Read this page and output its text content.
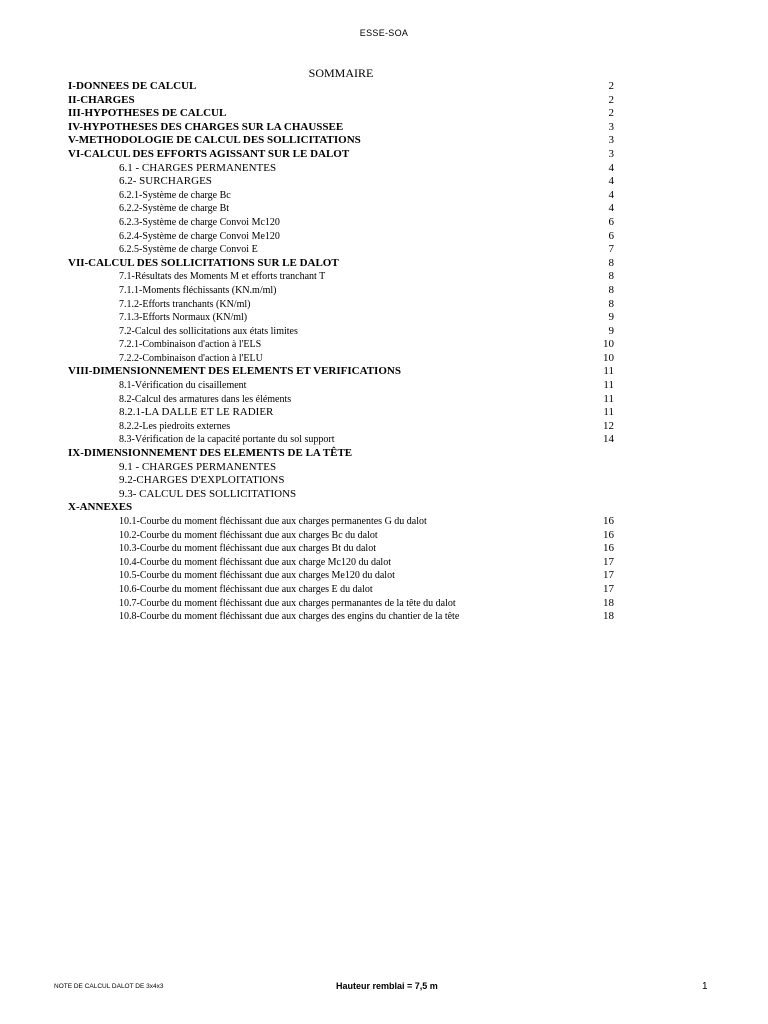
ESSE-SOA
SOMMAIRE
I-DONNEES DE CALCUL	2
II-CHARGES	2
III-HYPOTHESES DE CALCUL	2
IV-HYPOTHESES DES CHARGES SUR LA CHAUSSEE	3
V-METHODOLOGIE DE CALCUL DES SOLLICITATIONS	3
VI-CALCUL DES EFFORTS AGISSANT SUR LE DALOT	3
6.1 - CHARGES PERMANENTES	4
6.2- SURCHARGES	4
6.2.1-Système de charge Bc	4
6.2.2-Système de charge Bt	4
6.2.3-Système de charge Convoi Mc120	6
6.2.4-Système de charge Convoi Me120	6
6.2.5-Système de charge Convoi E	7
VII-CALCUL DES SOLLICITATIONS SUR LE DALOT	8
7.1-Résultats des Moments M et efforts tranchant T	8
7.1.1-Moments fléchissants (KN.m/ml)	8
7.1.2-Efforts tranchants (KN/ml)	8
7.1.3-Efforts Normaux (KN/ml)	9
7.2-Calcul des sollicitations aux états limites	9
7.2.1-Combinaison d'action à l'ELS	10
7.2.2-Combinaison d'action à l'ELU	10
VIII-DIMENSIONNEMENT DES ELEMENTS ET VERIFICATIONS	11
8.1-Vérification du cisaillement	11
8.2-Calcul des armatures dans les éléments	11
8.2.1-LA DALLE ET LE RADIER	11
8.2.2-Les piedroits externes	12
8.3-Vérification de la capacité portante du sol support	14
IX-DIMENSIONNEMENT DES ELEMENTS DE LA TÊTE
9.1 - CHARGES PERMANENTES
9.2-CHARGES D'EXPLOITATIONS
9.3- CALCUL DES SOLLICITATIONS
X-ANNEXES
10.1-Courbe du moment fléchissant due aux charges permanentes G du dalot	16
10.2-Courbe du moment fléchissant due aux charges Bc du dalot	16
10.3-Courbe du moment fléchissant due aux charges Bt du dalot	16
10.4-Courbe du moment fléchissant due aux charge Mc120 du dalot	17
10.5-Courbe du moment fléchissant due aux charges Me120 du dalot	17
10.6-Courbe du moment fléchissant due aux charges E du dalot	17
10.7-Courbe du moment fléchissant due aux charges permanantes de la tête du dalot	18
10.8-Courbe du moment fléchissant due aux charges des engins du chantier de la tête	18
NOTE DE CALCUL DALOT DE 3x4x3	Hauteur remblai = 7,5 m	1
